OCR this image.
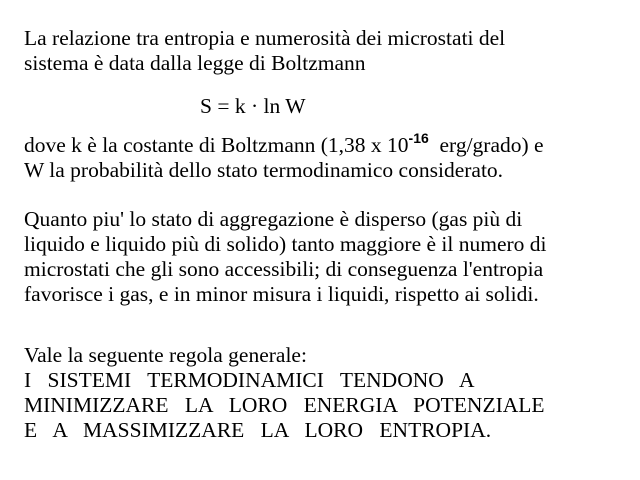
La relazione tra entropia e numerosità dei microstati del
sistema è data dalla legge di Boltzmann
S = k · ln W
dove k è la costante di Boltzmann (1,38 x $10^{-16}$  erg/grado) e
W la probabilità dello stato termodinamico considerato.
Quanto piu' lo stato di aggregazione è disperso (gas più di
liquido e liquido più di solido) tanto maggiore è il numero di
microstati che gli sono accessibili; di conseguenza l'entropia
favorisce i gas, e in minor misura i liquidi, rispetto ai solidi.
Vale la seguente regola generale:
I SISTEMI TERMODINAMICI TENDONO A
MINIMIZZARE LA LORO ENERGIA POTENZIALE
E A MASSIMIZZARE LA LORO ENTROPIA.
